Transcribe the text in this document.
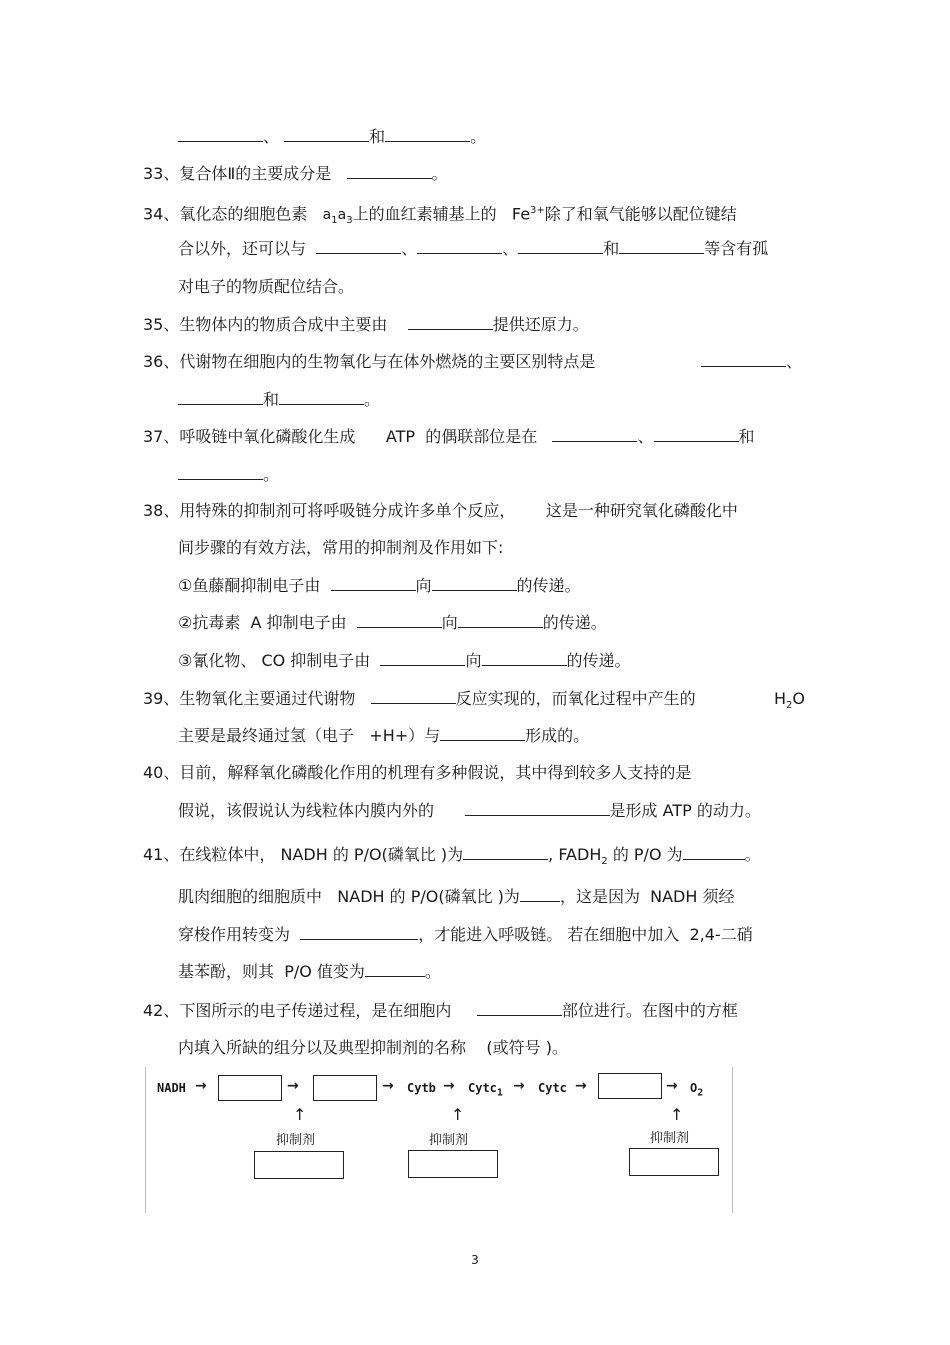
、	和	。
33、复合体Ⅱ的主要成分是	。
34、氧化态的细胞色素 $a_1a_3$上的血红素辅基上的 $Fe^{3+}$除了和氧气能够以配位键结
合以外，还可以与	、	、	和	等含有孤
对电子的物质配位结合。
35、生物体内的物质合成中主要由	提供还原力。
36、代谢物在细胞内的生物氧化与在体外燃烧的主要区别特点是	、
和	。
37、呼吸链中氧化磷酸化生成 ATP 的偶联部位是在	、	和
。
38、用特殊的抑制剂可将呼吸链分成许多单个反应， 这是一种研究氧化磷酸化中
间步骤的有效方法，常用的抑制剂及作用如下:
①鱼藤酮抑制电子由	向	的传递。
②抗毒素 A 抑制电子由	向	的传递。
③氰化物、 CO 抑制电子由	向	的传递。
39、生物氧化主要通过代谢物	反应实现的，而氧化过程中产生的	$H_2O$
主要是最终通过氢（电子 +H+）与	形成的。
40、目前，解释氧化磷酸化作用的机理有多种假说，其中得到较多人支持的是
假说，该假说认为线粒体内膜内外的	是形成 ATP 的动力。
41、在线粒体中， NADH 的 P/O(磷氧比 )为	, $FADH_2$ 的 P/O 为	。
肌肉细胞的细胞质中 NADH 的 P/O(磷氧比 )为	，这是因为 NADH 须经
穿梭作用转变为	，才能进入呼吸链。 若在细胞中加入 2,4-二硝
基苯酚，则其 P/O 值变为	。
42、下图所示的电子传递过程，是在细胞内	部位进行。在图中的方框
内填入所缺的组分以及典型抑制剂的名称 (或符号 )。
NADH →	→	→ Cytb → Cytc$_1$ → Cytc →	→ $O_2$
↑	↑	↑
抑制剂	抑制剂	抑制剂
3
